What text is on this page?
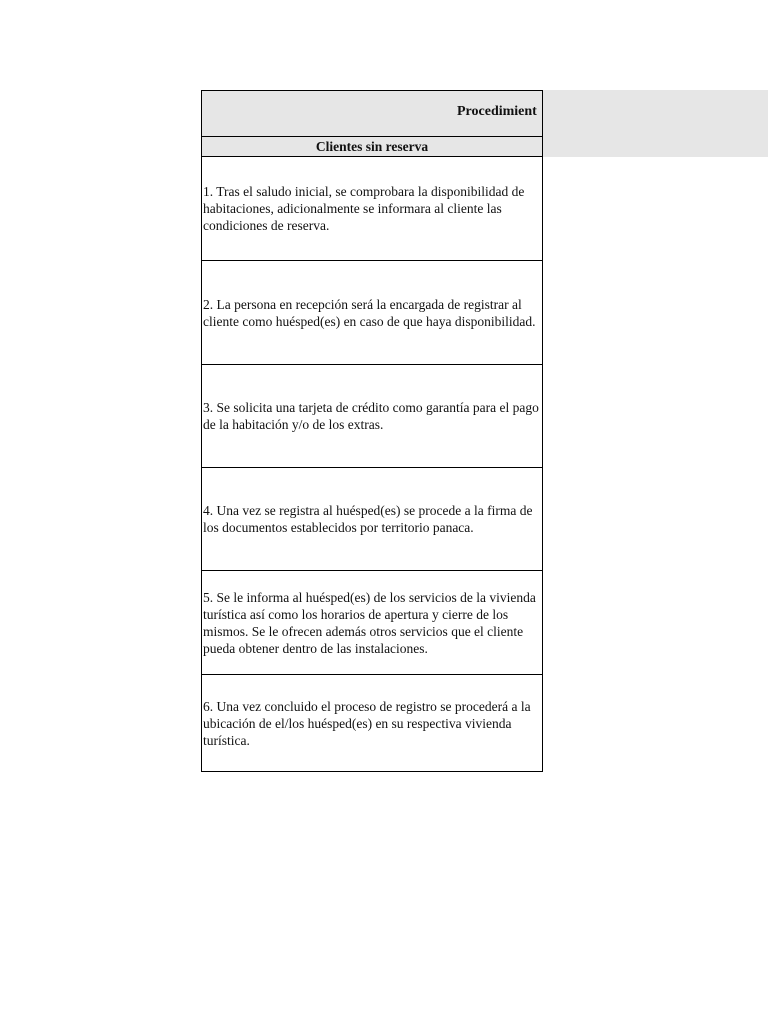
Procedimient
Clientes sin reserva
1. Tras el saludo inicial, se comprobara la disponibilidad de habitaciones, adicionalmente se informara al cliente las condiciones de reserva.
2. La persona en recepción será la encargada de registrar al cliente como huésped(es) en caso de que haya disponibilidad.
3. Se solicita una tarjeta de crédito como garantía para el pago de la habitación y/o de los extras.
4. Una vez se registra al huésped(es) se procede a la firma de los documentos establecidos por territorio panaca.
5. Se le informa al huésped(es) de los servicios de la vivienda turística así como los horarios de apertura y cierre de los mismos. Se le ofrecen además otros servicios que el cliente pueda obtener dentro de las instalaciones.
6. Una vez concluido el proceso de registro se procederá a la ubicación de el/los huésped(es) en su respectiva vivienda turística.
